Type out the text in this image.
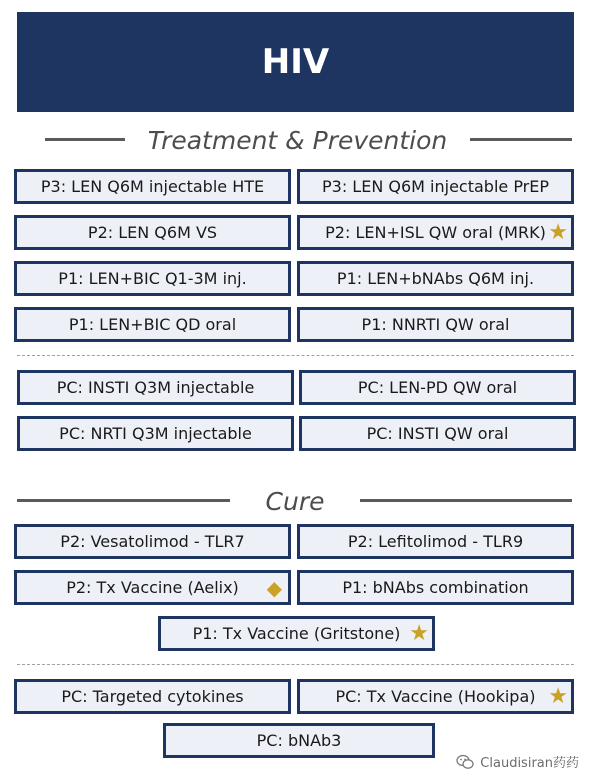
HIV
Treatment & Prevention
P3: LEN Q6M injectable HTE	P3: LEN Q6M injectable PrEP
P2: LEN Q6M VS	P2: LEN+ISL QW oral (MRK) ★
P1: LEN+BIC Q1-3M inj.	P1: LEN+bNAbs Q6M inj.
P1: LEN+BIC QD oral	P1: NNRTI QW oral
PC: INSTI Q3M injectable	PC: LEN-PD QW oral
PC: NRTI Q3M injectable	PC: INSTI QW oral
Cure
P2: Vesatolimod - TLR7	P2: Lefitolimod - TLR9
P2: Tx Vaccine (Aelix) ◆	P1: bNAbs combination
P1: Tx Vaccine (Gritstone) ★
PC: Targeted cytokines	PC: Tx Vaccine (Hookipa) ★
PC: bNAb3
Claudisiran药药
